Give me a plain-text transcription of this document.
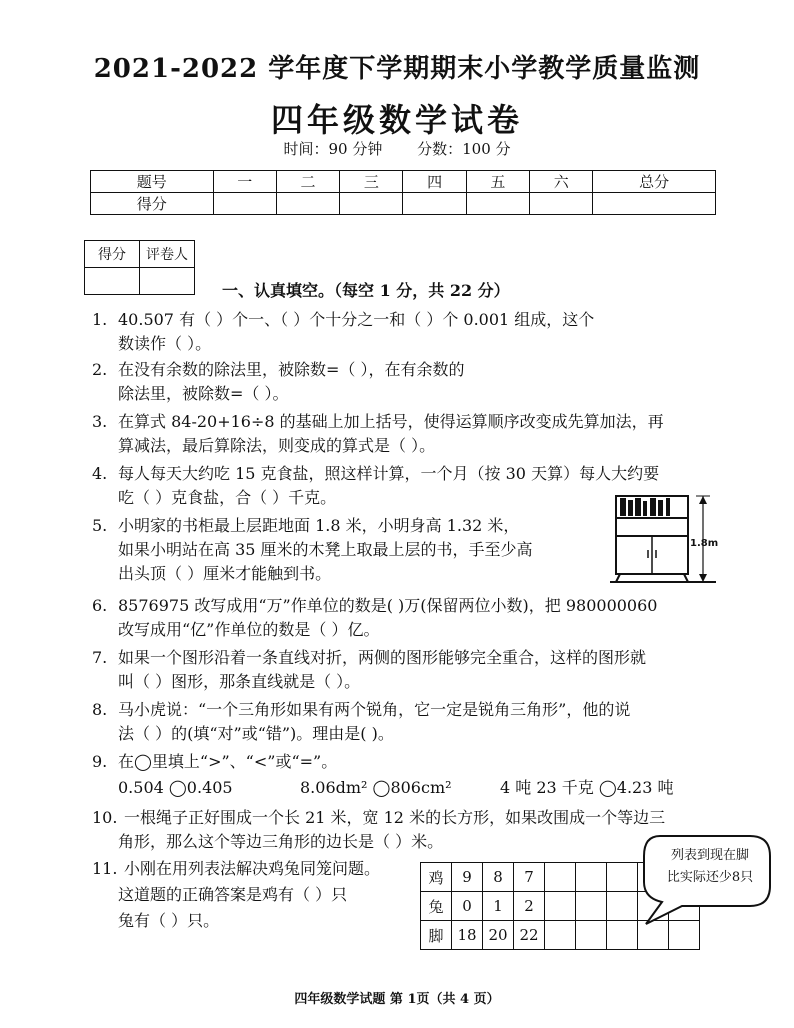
2021-2022 学年度下学期期末小学教学质量监测
四年级数学试卷
时间：90 分钟 分数：100 分
题号	一	二	三	四	五	六	总分
得分							
得分	评卷人

一、认真填空。（每空 1 分，共 22 分）
1. 40.507 有（ ）个一、（ ）个十分之一和（ ）个 0.001 组成，这个
数读作（ ）。
2. 在没有余数的除法里，被除数=（ ），在有余数的
除法里，被除数=（ ）。
3. 在算式 84-20+16÷8 的基础上加上括号，使得运算顺序改变成先算加法，再
算减法，最后算除法，则变成的算式是（ ）。
4. 每人每天大约吃 15 克食盐，照这样计算，一个月（按 30 天算）每人大约要
吃（ ）克食盐，合（ ）千克。
5. 小明家的书柜最上层距地面 1.8 米，小明身高 1.32 米，
如果小明站在高 35 厘米的木凳上取最上层的书，手至少高
出头顶（ ）厘米才能触到书。
1.8m
6. 8576975 改写成用“万”作单位的数是( )万(保留两位小数)，把 980000060
改写成用“亿”作单位的数是（ ）亿。
7. 如果一个图形沿着一条直线对折，两侧的图形能够完全重合，这样的图形就
叫（ ）图形，那条直线就是（ ）。
8. 马小虎说：“一个三角形如果有两个锐角，它一定是锐角三角形”，他的说
法（ ）的(填“对”或“错”)。理由是( )。
9. 在◯里填上“>”、“<”或“=”。
0.504 ◯0.405	8.06dm² ◯806cm²	4 吨 23 千克 ◯4.23 吨
10. 一根绳子正好围成一个长 21 米，宽 12 米的长方形，如果改围成一个等边三
角形，那么这个等边三角形的边长是（ ）米。
11. 小刚在用列表法解决鸡兔同笼问题。
这道题的正确答案是鸡有（ ）只
兔有（ ）只。
鸡	9	8	7					
兔	0	1	2					
脚	18	20	22					
列表到现在脚
比实际还少8只
四年级数学试题 第 1页（共 4 页）
